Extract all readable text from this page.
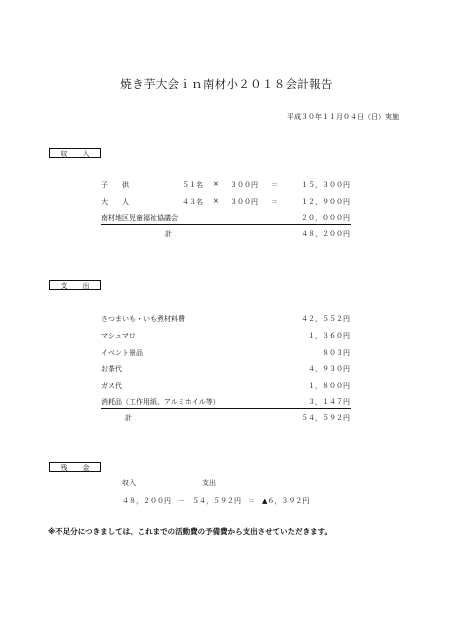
焼き芋大会ｉｎ南材小２０１８会計報告
平成３０年１１月０４日（日）実施
収　入
子　　供	５１名 × ３００円 ＝	１５，３００円
大　　人	４３名 × ３００円 ＝	１２，９００円
南材地区児童福祉協議会	２０，０００円
計	４８，２００円
支　出
さつまいも・いも煮材料費	４２，５５２円
マシュマロ	１，３６０円
イベント景品	８０３円
お茶代	４，９３０円
ガス代	１，８００円
消耗品（工作用紙、アルミホイル等）	３，１４７円
計	５４，５９２円
残　金
収入	支出
４８，２００円　－　５４，５９２円　＝　▲６，３９２円
※不足分につきましては、これまでの活動費の予備費から支出させていただきます。
